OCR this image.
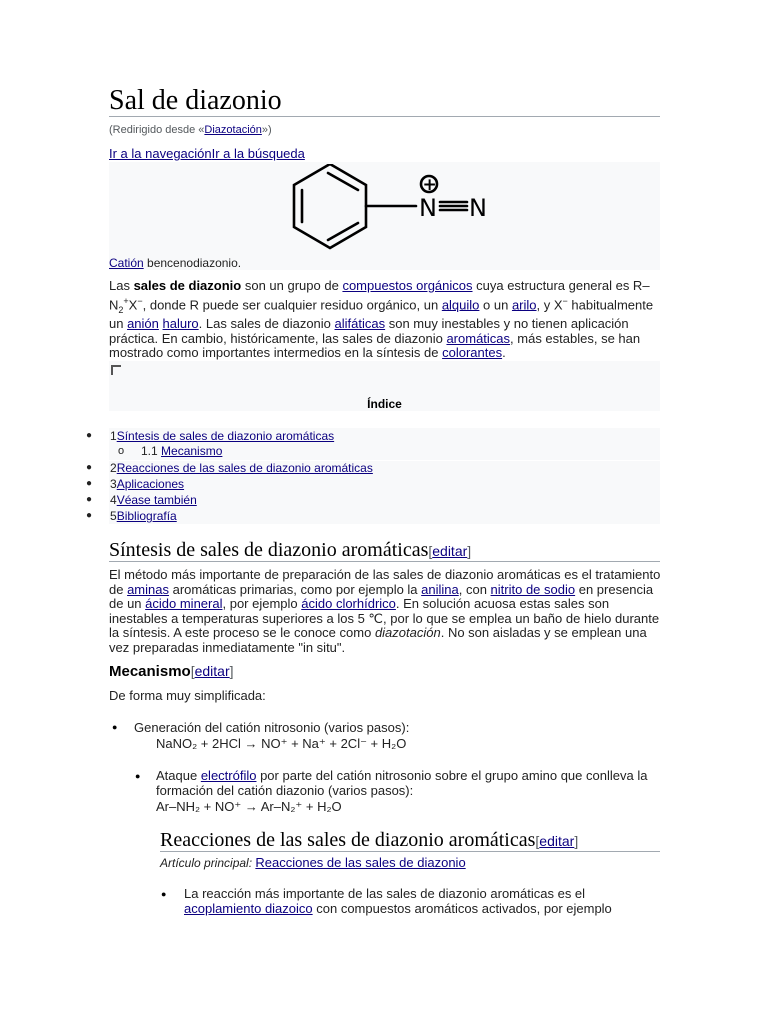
Sal de diazonio
(Redirigido desde «Diazotación»)
Ir a la navegaciónIr a la búsqueda
N N
+
Catión bencenodiazonio.
Las sales de diazonio son un grupo de compuestos orgánicos cuya estructura general es $R-N_2^+X^-$, donde R puede ser cualquier residuo orgánico, un alquilo o un arilo, y X− habitualmente un anión haluro. Las sales de diazonio alifáticas son muy inestables y no tienen aplicación práctica. En cambio, históricamente, las sales de diazonio aromáticas, más estables, se han mostrado como importantes intermedios en la síntesis de colorantes.
Índice
● 1Síntesis de sales de diazonio aromáticas
o 1.1 Mecanismo
● 2Reacciones de las sales de diazonio aromáticas
● 3Aplicaciones
● 4Véase también
● 5Bibliografía
Síntesis de sales de diazonio aromáticas[editar]
El método más importante de preparación de las sales de diazonio aromáticas es el tratamiento de aminas aromáticas primarias, como por ejemplo la anilina, con nitrito de sodio en presencia de un ácido mineral, por ejemplo ácido clorhídrico. En solución acuosa estas sales son inestables a temperaturas superiores a los 5 ℃, por lo que se emplea un baño de hielo durante la síntesis. A este proceso se le conoce como diazotación. No son aisladas y se emplean una vez preparadas inmediatamente "in situ".
Mecanismo[editar]
De forma muy simplificada:
● Generación del catión nitrosonio (varios pasos):
NaNO₂ + 2HCl → NO⁺ + Na⁺ + 2Cl⁻ + H₂O
● Ataque electrófilo por parte del catión nitrosonio sobre el grupo amino que conlleva la formación del catión diazonio (varios pasos):
Ar–NH₂ + NO⁺ → Ar–N₂⁺ + H₂O
Reacciones de las sales de diazonio aromáticas[editar]
Artículo principal: Reacciones de las sales de diazonio
● La reacción más importante de las sales de diazonio aromáticas es el acoplamiento diazoico con compuestos aromáticos activados, por ejemplo
